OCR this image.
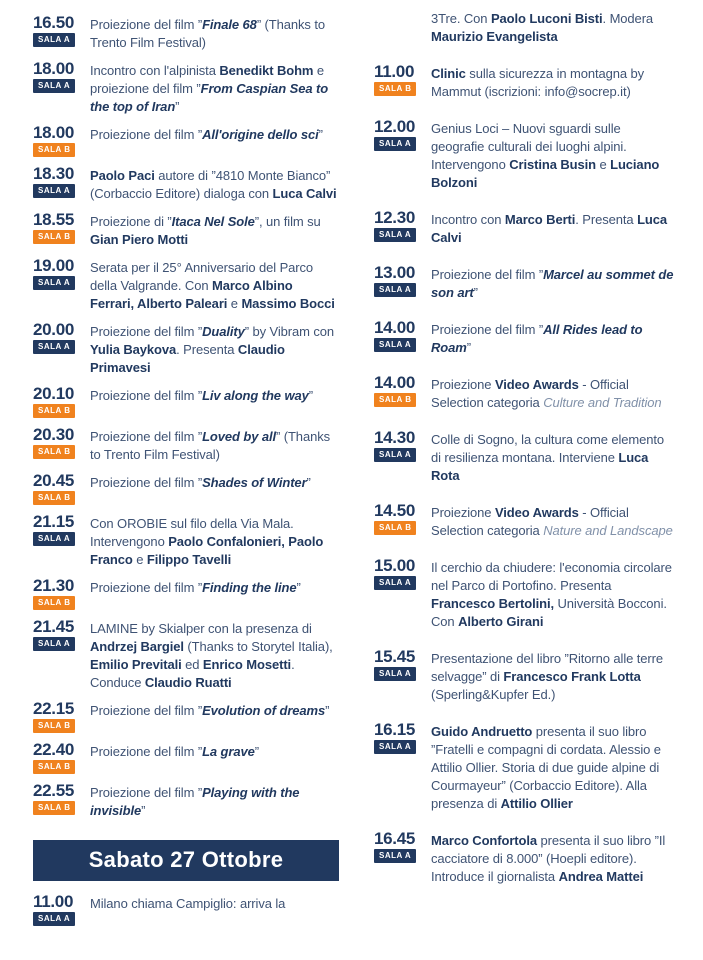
16.50
SALA A
Proiezione del film ”Finale 68” (Thanks to Trento Film Festival)
18.00
SALA A
Incontro con l'alpinista Benedikt Bohm e proiezione del film ”From Caspian Sea to the top of Iran”
18.00
SALA B
Proiezione del film ”All'origine dello sci”
18.30
SALA A
Paolo Paci autore di ”4810 Monte Bianco” (Corbaccio Editore) dialoga con Luca Calvi
18.55
SALA B
Proiezione di ”Itaca Nel Sole”, un film su Gian Piero Motti
19.00
SALA A
Serata per il 25° Anniversario del Parco della Valgrande. Con Marco Albino Ferrari, Alberto Paleari e Massimo Bocci
20.00
SALA A
Proiezione del film ”Duality” by Vibram con Yulia Baykova. Presenta Claudio Primavesi
20.10
SALA B
Proiezione del film ”Liv along the way”
20.30
SALA B
Proiezione del film ”Loved by all” (Thanks to Trento Film Festival)
20.45
SALA B
Proiezione del film ”Shades of Winter”
21.15
SALA A
Con OROBIE sul filo della Via Mala. Intervengono Paolo Confalonieri, Paolo Franco e Filippo Tavelli
21.30
SALA B
Proiezione del film ”Finding the line”
21.45
SALA A
LAMINE by Skialper con la presenza di Andrzej Bargiel (Thanks to Storytel Italia), Emilio Previtali ed Enrico Mosetti. Conduce Claudio Ruatti
22.15
SALA B
Proiezione del film ”Evolution of dreams”
22.40
SALA B
Proiezione del film ”La grave”
22.55
SALA B
Proiezione del film ”Playing with the invisible”
Sabato 27 Ottobre
11.00
SALA A
Milano chiama Campiglio: arriva la
3Tre. Con Paolo Luconi Bisti. Modera Maurizio Evangelista
11.00
SALA B
Clinic sulla sicurezza in montagna by Mammut (iscrizioni: info@socrep.it)
12.00
SALA A
Genius Loci – Nuovi sguardi sulle geografie culturali dei luoghi alpini. Intervengono Cristina Busin e Luciano Bolzoni
12.30
SALA A
Incontro con Marco Berti. Presenta Luca Calvi
13.00
SALA A
Proiezione del film ”Marcel au sommet de son art”
14.00
SALA A
Proiezione del film ”All Rides lead to Roam”
14.00
SALA B
Proiezione Video Awards - Official Selection categoria Culture and Tradition
14.30
SALA A
Colle di Sogno, la cultura come elemento di resilienza montana. Interviene Luca Rota
14.50
SALA B
Proiezione Video Awards - Official Selection categoria Nature and Landscape
15.00
SALA A
Il cerchio da chiudere: l'economia circolare nel Parco di Portofino. Presenta Francesco Bertolini, Università Bocconi. Con Alberto Girani
15.45
SALA A
Presentazione del libro ”Ritorno alle terre selvagge” di Francesco Frank Lotta (Sperling&Kupfer Ed.)
16.15
SALA A
Guido Andruetto presenta il suo libro ”Fratelli e compagni di cordata. Alessio e Attilio Ollier. Storia di due guide alpine di Courmayeur” (Corbaccio Editore). Alla presenza di Attilio Ollier
16.45
SALA A
Marco Confortola presenta il suo libro ”Il cacciatore di 8.000” (Hoepli editore). Introduce il giornalista Andrea Mattei
